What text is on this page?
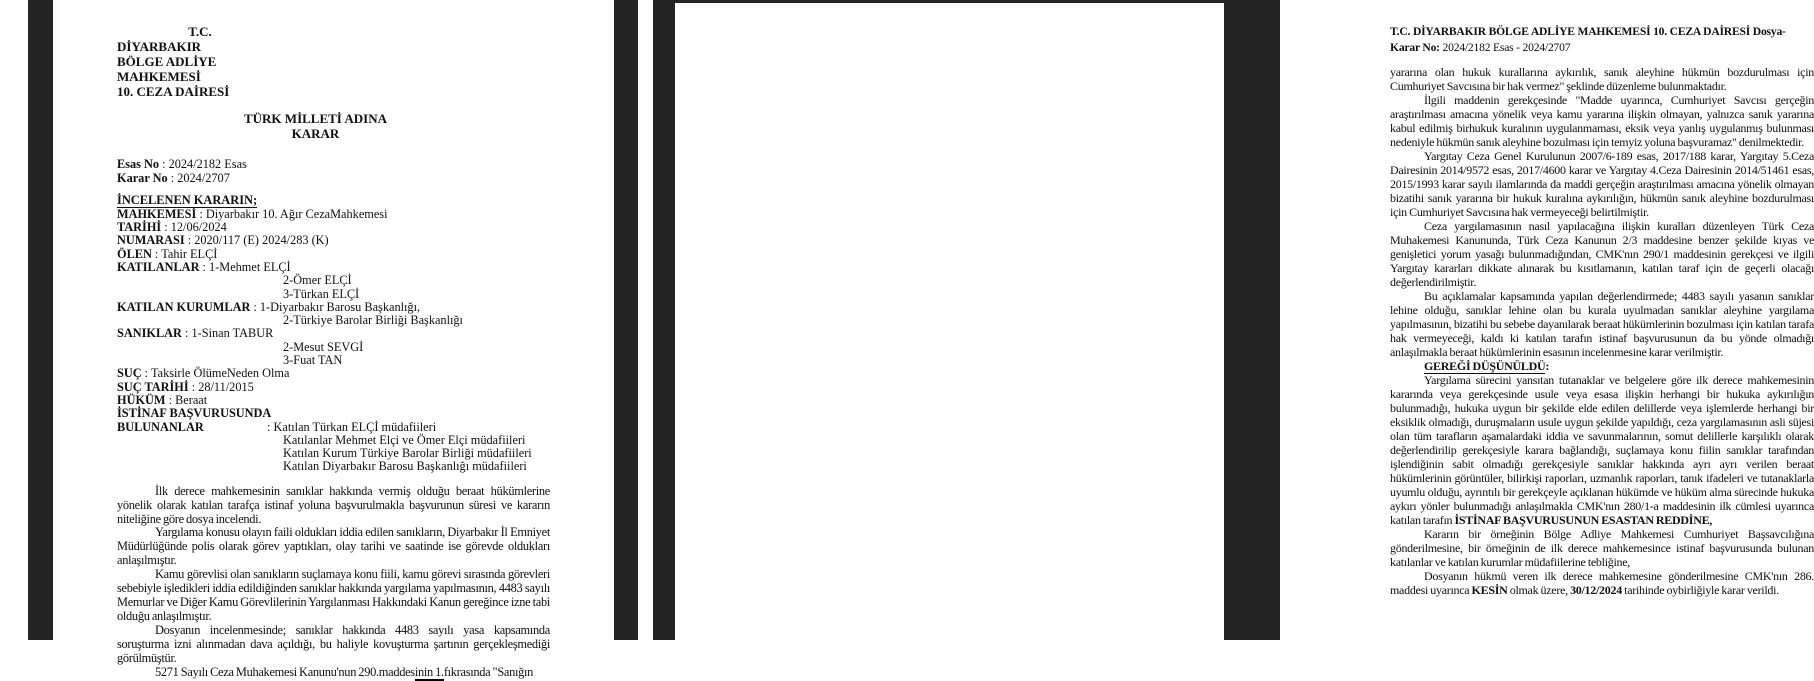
T.C.
DİYARBAKIR
BÖLGE ADLİYE MAHKEMESİ
10. CEZA DAİRESİ
TÜRK MİLLETİ ADINA
KARAR
Esas No : 2024/2182 Esas
Karar No : 2024/2707
İNCELENEN KARARIN;
MAHKEMESİ : Diyarbakır 10. Ağır CezaMahkemesi
TARİHİ : 12/06/2024
NUMARASI : 2020/117 (E) 2024/283 (K)
ÖLEN : Tahir ELÇİ
KATILANLAR : 1-Mehmet ELÇİ
2-Ömer ELÇİ
3-Türkan ELÇİ
KATILAN KURUMLAR : 1-Diyarbakır Barosu Başkanlığı,
2-Türkiye Barolar Birliği Başkanlığı
SANIKLAR : 1-Sinan TABUR
2-Mesut SEVGİ
3-Fuat TAN
SUÇ : Taksirle ÖlümeNeden Olma
SUÇ TARİHİ : 28/11/2015
HÜKÜM : Beraat
İSTİNAF BAŞVURUSUNDA
BULUNANLAR	: Katılan Türkan ELÇİ müdafiileri
Katılanlar Mehmet Elçi ve Ömer Elçi müdafiileri
Katılan Kurum Türkiye Barolar Birliği müdafiileri
Katılan Diyarbakır Barosu Başkanlığı müdafiileri

İlk derece mahkemesinin sanıklar hakkında vermiş olduğu beraat hükümlerine yönelik olarak katılan tarafça istinaf yoluna başvurulmakla başvurunun süresi ve kararın niteliğine göre dosya incelendi.

Yargılama konusu olayın faili oldukları iddia edilen sanıkların, Diyarbakır İl Emniyet Müdürlüğünde polis olarak görev yaptıkları, olay tarihi ve saatinde ise görevde oldukları anlaşılmıştır.

Kamu görevlisi olan sanıkların suçlamaya konu fiili, kamu görevi sırasında görevleri sebebiyle işledikleri iddia edildiğinden sanıklar hakkında yargılama yapılmasının, 4483 sayılı Memurlar ve Diğer Kamu Görevlilerinin Yargılanması Hakkındaki Kanun gereğince izne tabi olduğu anlaşılmıştır.

Dosyanın incelenmesinde; sanıklar hakkında 4483 sayılı yasa kapsamında soruşturma izni alınmadan dava açıldığı, bu haliyle kovuşturma şartının gerçekleşmediği görülmüştür.

5271 Sayılı Ceza Muhakemesi Kanunu'nun 290.maddesinin 1.fıkrasında "Sanığın

T.C. DİYARBAKIR BÖLGE ADLİYE MAHKEMESİ 10. CEZA DAİRESİ Dosya-Karar No: 2024/2182 Esas - 2024/2707

yararına olan hukuk kurallarına aykırılık, sanık aleyhine hükmün bozdurulması için Cumhuriyet Savcısına bir hak vermez" şeklinde düzenleme bulunmaktadır.

İlgili maddenin gerekçesinde "Madde uyarınca, Cumhuriyet Savcısı gerçeğin araştırılması amacına yönelik veya kamu yararına ilişkin olmayan, yalnızca sanık yararına kabul edilmiş birhukuk kuralının uygulanmaması, eksik veya yanlış uygulanmış bulunması nedeniyle hükmün sanık aleyhine bozulması için temyiz yoluna başvuramaz" denilmektedir.

Yargıtay Ceza Genel Kurulunun 2007/6-189 esas, 2017/188 karar, Yargıtay 5.Ceza Dairesinin 2014/9572 esas, 2017/4600 karar ve Yargıtay 4.Ceza Dairesinin 2014/51461 esas, 2015/1993 karar sayılı ilamlarında da maddi gerçeğin araştırılması amacına yönelik olmayan bizatihi sanık yararına bir hukuk kuralına aykırılığın, hükmün sanık aleyhine bozdurulması için Cumhuriyet Savcısına hak vermeyeceği belirtilmiştir.

Ceza yargılamasının nasıl yapılacağına ilişkin kuralları düzenleyen Türk Ceza Muhakemesi Kanununda, Türk Ceza Kanunun 2/3 maddesine benzer şekilde kıyas ve genişletici yorum yasağı bulunmadığından, CMK'nın 290/1 maddesinin gerekçesi ve ilgili Yargıtay kararları dikkate alınarak bu kısıtlamanın, katılan taraf için de geçerli olacağı değerlendirilmiştir.

Bu açıklamalar kapsamında yapılan değerlendirmede; 4483 sayılı yasanın sanıklar lehine olduğu, sanıklar lehine olan bu kurala uyulmadan sanıklar aleyhine yargılama yapılmasının, bizatihi bu sebebe dayanılarak beraat hükümlerinin bozulması için katılan tarafa hak vermeyeceği, kaldı ki katılan tarafın istinaf başvurusunun da bu yönde olmadığı anlaşılmakla beraat hükümlerinin esasının incelenmesine karar verilmiştir.

GEREĞİ DÜŞÜNÜLDÜ:

Yargılama sürecini yansıtan tutanaklar ve belgelere göre ilk derece mahkemesinin kararında veya gerekçesinde usule veya esasa ilişkin herhangi bir hukuka aykırılığın bulunmadığı, hukuka uygun bir şekilde elde edilen delillerde veya işlemlerde herhangi bir eksiklik olmadığı, duruşmaların usule uygun şekilde yapıldığı, ceza yargılamasının asli süjesi olan tüm tarafların aşamalardaki iddia ve savunmalarının, somut delillerle karşılıklı olarak değerlendirilip gerekçesiyle karara bağlandığı, suçlamaya konu fiilin sanıklar tarafından işlendiğinin sabit olmadığı gerekçesiyle sanıklar hakkında ayrı ayrı verilen beraat hükümlerinin görüntüler, bilirkişi raporları, uzmanlık raporları, tanık ifadeleri ve tutanaklarla uyumlu olduğu, ayrıntılı bir gerekçeyle açıklanan hükümde ve hüküm alma sürecinde hukuka aykırı yönler bulunmadığı anlaşılmakla CMK'nın 280/1-a maddesinin ilk cümlesi uyarınca katılan tarafın İSTİNAF BAŞVURUSUNUN ESASTAN REDDİNE,

Kararın bir örneğinin Bölge Adliye Mahkemesi Cumhuriyet Başsavcılığına gönderilmesine, bir örneğinin de ilk derece mahkemesince istinaf başvurusunda bulunan katılanlar ve katılan kurumlar müdafiilerine tebliğine,

Dosyanın hükmü veren ilk derece mahkemesine gönderilmesine CMK'nın 286. maddesi uyarınca KESİN olmak üzere, 30/12/2024 tarihinde oybirliğiyle karar verildi.
